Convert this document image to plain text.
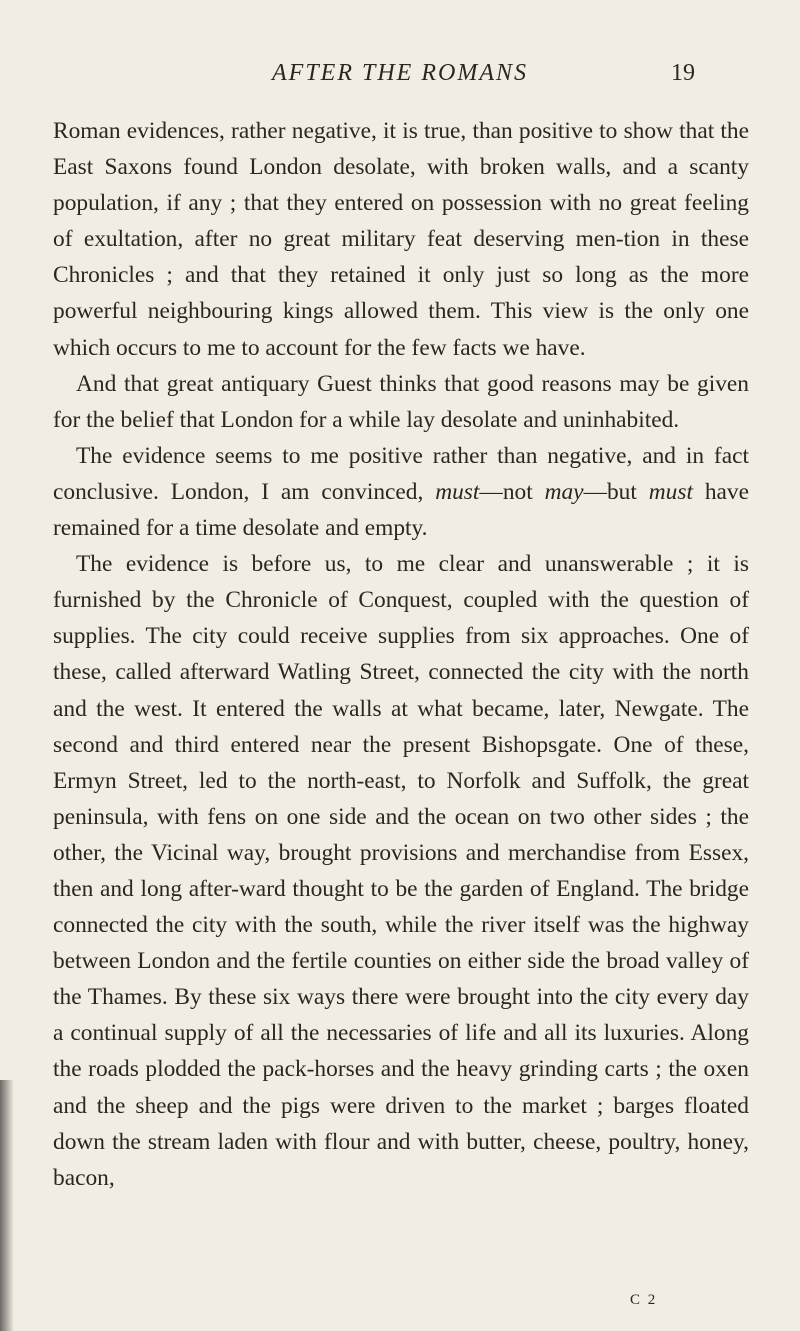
AFTER THE ROMANS	19

Roman evidences, rather negative, it is true, than positive to show that the East Saxons found London desolate, with broken walls, and a scanty population, if any ; that they entered on possession with no great feeling of exultation, after no great military feat deserving men-tion in these Chronicles ; and that they retained it only just so long as the more powerful neighbouring kings allowed them. This view is the only one which occurs to me to account for the few facts we have.

And that great antiquary Guest thinks that good reasons may be given for the belief that London for a while lay desolate and uninhabited.

The evidence seems to me positive rather than negative, and in fact conclusive. London, I am convinced, must—not may—but must have remained for a time desolate and empty.

The evidence is before us, to me clear and unanswerable ; it is furnished by the Chronicle of Conquest, coupled with the question of supplies. The city could receive supplies from six approaches. One of these, called afterward Watling Street, connected the city with the north and the west. It entered the walls at what became, later, Newgate. The second and third entered near the present Bishopsgate. One of these, Ermyn Street, led to the north-east, to Norfolk and Suffolk, the great peninsula, with fens on one side and the ocean on two other sides ; the other, the Vicinal way, brought provisions and merchandise from Essex, then and long after-ward thought to be the garden of England. The bridge connected the city with the south, while the river itself was the highway between London and the fertile counties on either side the broad valley of the Thames. By these six ways there were brought into the city every day a continual supply of all the necessaries of life and all its luxuries. Along the roads plodded the pack-horses and the heavy grinding carts ; the oxen and the sheep and the pigs were driven to the market ; barges floated down the stream laden with flour and with butter, cheese, poultry, honey, bacon,

C 2
